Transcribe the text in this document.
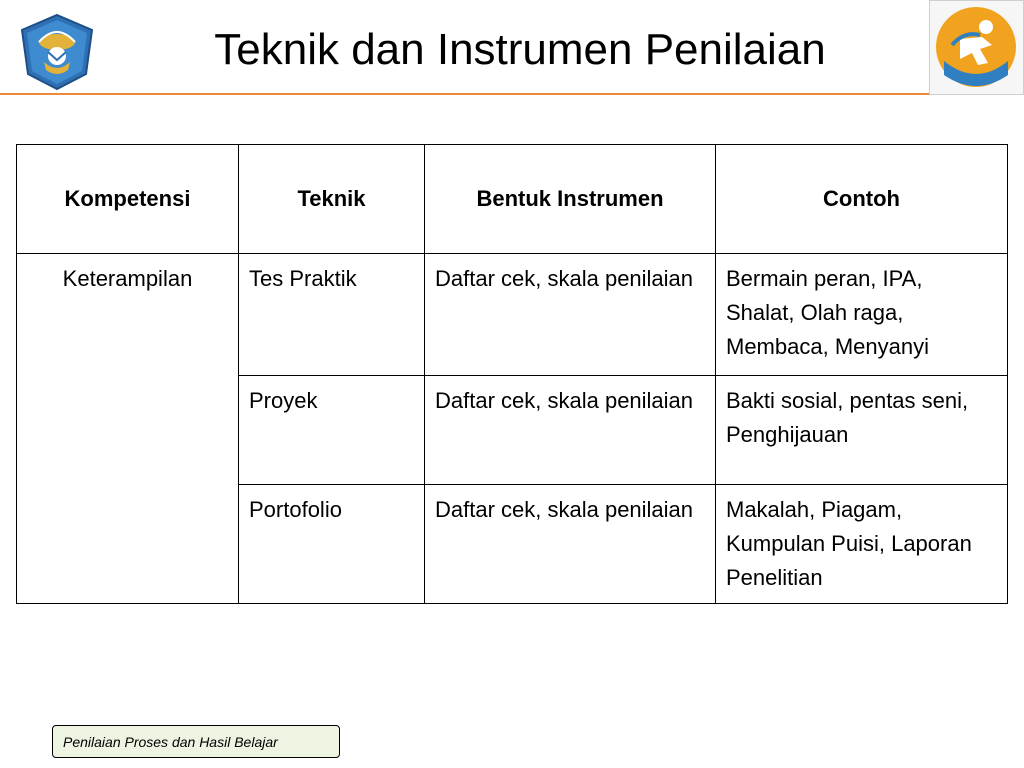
Teknik dan Instrumen Penilaian
Kompetensi	Teknik	Bentuk Instrumen	Contoh
Keterampilan	Tes Praktik	Daftar cek, skala penilaian	Bermain peran, IPA, Shalat, Olah raga, Membaca, Menyanyi
	Proyek	Daftar cek, skala penilaian	Bakti sosial, pentas seni, Penghijauan
	Portofolio	Daftar cek, skala penilaian	Makalah, Piagam, Kumpulan Puisi, Laporan Penelitian
Penilaian Proses dan Hasil Belajar
